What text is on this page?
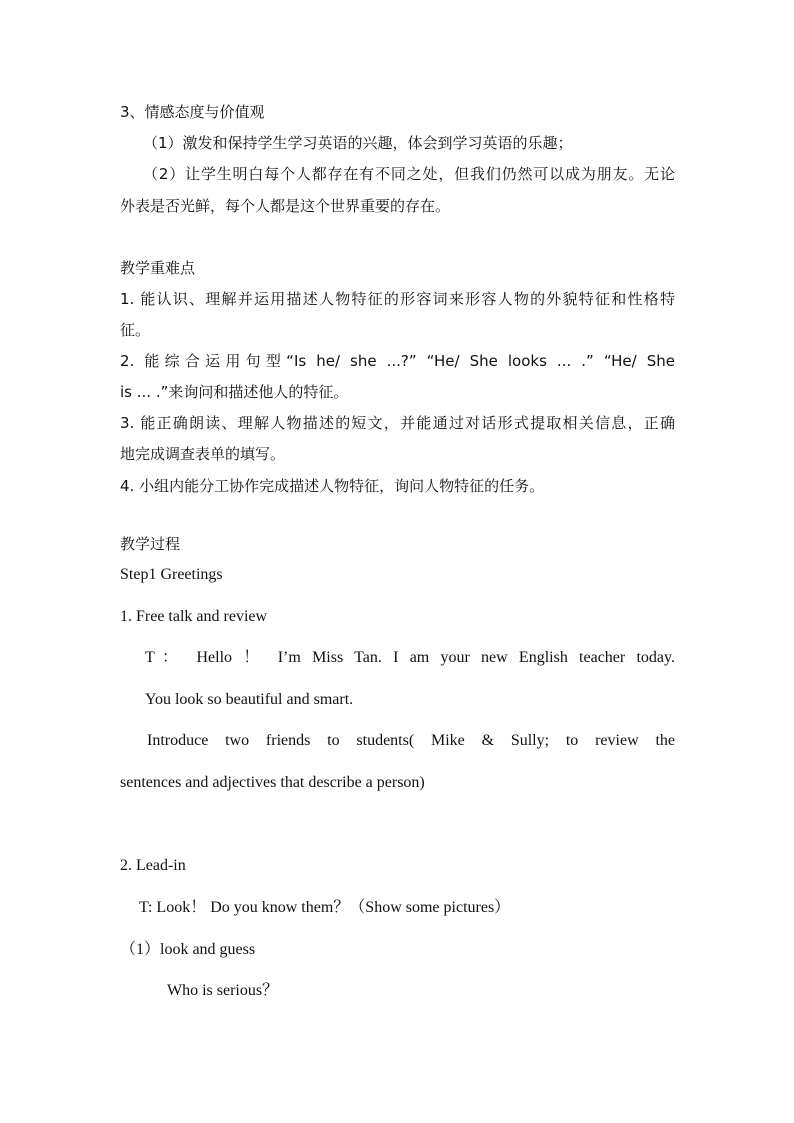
3、情感态度与价值观
（1）激发和保持学生学习英语的兴趣，体会到学习英语的乐趣；
（2）让学生明白每个人都存在有不同之处，但我们仍然可以成为朋友。无论
外表是否光鲜，每个人都是这个世界重要的存在。
教学重难点
1. 能认识、理解并运用描述人物特征的形容词来形容人物的外貌特征和性格特
征。
2. 能综合运用句型“Is he/ she ...?” “He/ She looks ... .” “He/ She
is ... .”来询问和描述他人的特征。
3. 能正确朗读、理解人物描述的短文，并能通过对话形式提取相关信息，正确
地完成调查表单的填写。
4. 小组内能分工协作完成描述人物特征，询问人物特征的任务。
教学过程
Step1 Greetings
1. Free talk and review
T： Hello ！ I’m Miss Tan. I am your new English teacher today.
You look so beautiful and smart.
Introduce two friends to students( Mike & Sully; to review the
sentences and adjectives that describe a person)
2. Lead-in
T: Look！ Do you know them？（Show some pictures）
（1）look and guess
Who is serious？
